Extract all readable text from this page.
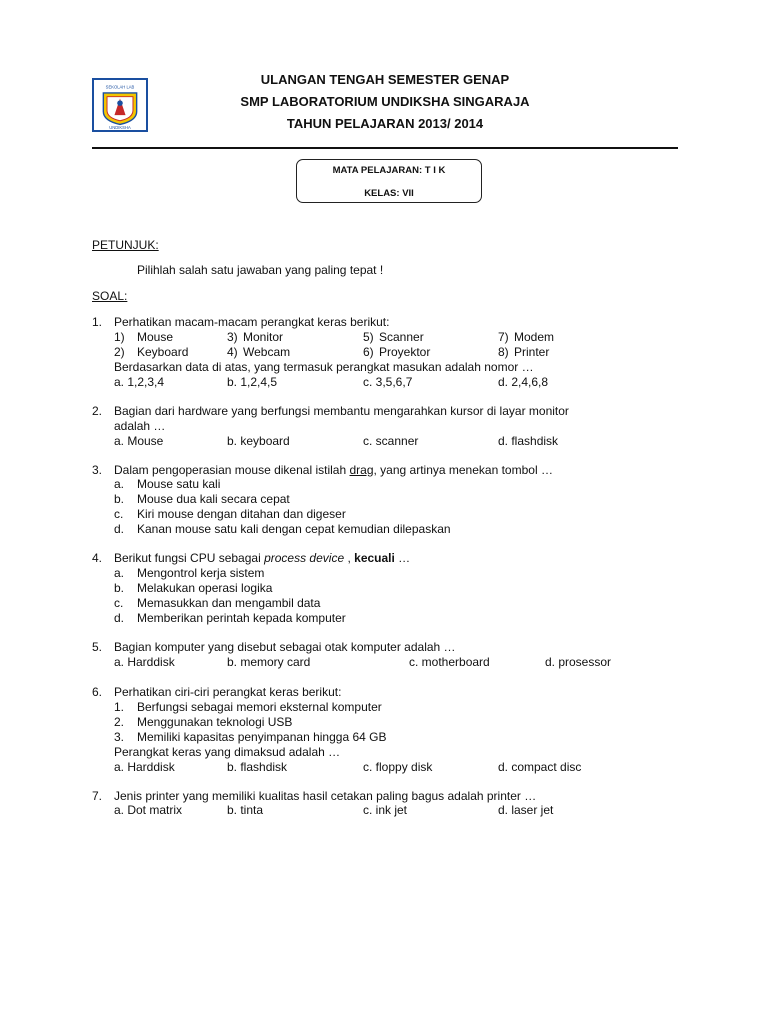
SEKOLAH LAB
UNDIKSHA
ULANGAN TENGAH SEMESTER GENAP
SMP LABORATORIUM UNDIKSHA SINGARAJA
TAHUN PELAJARAN 2013/ 2014
MATA PELAJARAN: T I K
KELAS: VII
PETUNJUK:
Pilihlah salah satu jawaban yang paling tepat !
SOAL:
1. Perhatikan macam-macam perangkat keras berikut:
1) Mouse	3) Monitor	5) Scanner	7) Modem
2) Keyboard	4) Webcam	6) Proyektor	8) Printer
Berdasarkan data di atas, yang termasuk perangkat masukan adalah nomor …
a. 1,2,3,4	b. 1,2,4,5	c. 3,5,6,7	d. 2,4,6,8
2. Bagian dari hardware yang berfungsi membantu mengarahkan kursor di layar monitor
adalah …
a. Mouse	b. keyboard	c. scanner	d. flashdisk
3. Dalam pengoperasian mouse dikenal istilah drag, yang artinya menekan tombol …
a. Mouse satu kali
b. Mouse dua kali secara cepat
c. Kiri mouse dengan ditahan dan digeser
d. Kanan mouse satu kali dengan cepat kemudian dilepaskan
4. Berikut fungsi CPU sebagai process device , kecuali …
a. Mengontrol kerja sistem
b. Melakukan operasi logika
c. Memasukkan dan mengambil data
d. Memberikan perintah kepada komputer
5. Bagian komputer yang disebut sebagai otak komputer adalah …
a. Harddisk	b. memory card	c. motherboard	d. prosessor
6. Perhatikan ciri-ciri perangkat keras berikut:
1. Berfungsi sebagai memori eksternal komputer
2. Menggunakan teknologi USB
3. Memiliki kapasitas penyimpanan hingga 64 GB
Perangkat keras yang dimaksud adalah …
a. Harddisk	b. flashdisk	c. floppy disk	d. compact disc
7. Jenis printer yang memiliki kualitas hasil cetakan paling bagus adalah printer …
a. Dot matrix	b. tinta	c. ink jet	d. laser jet
